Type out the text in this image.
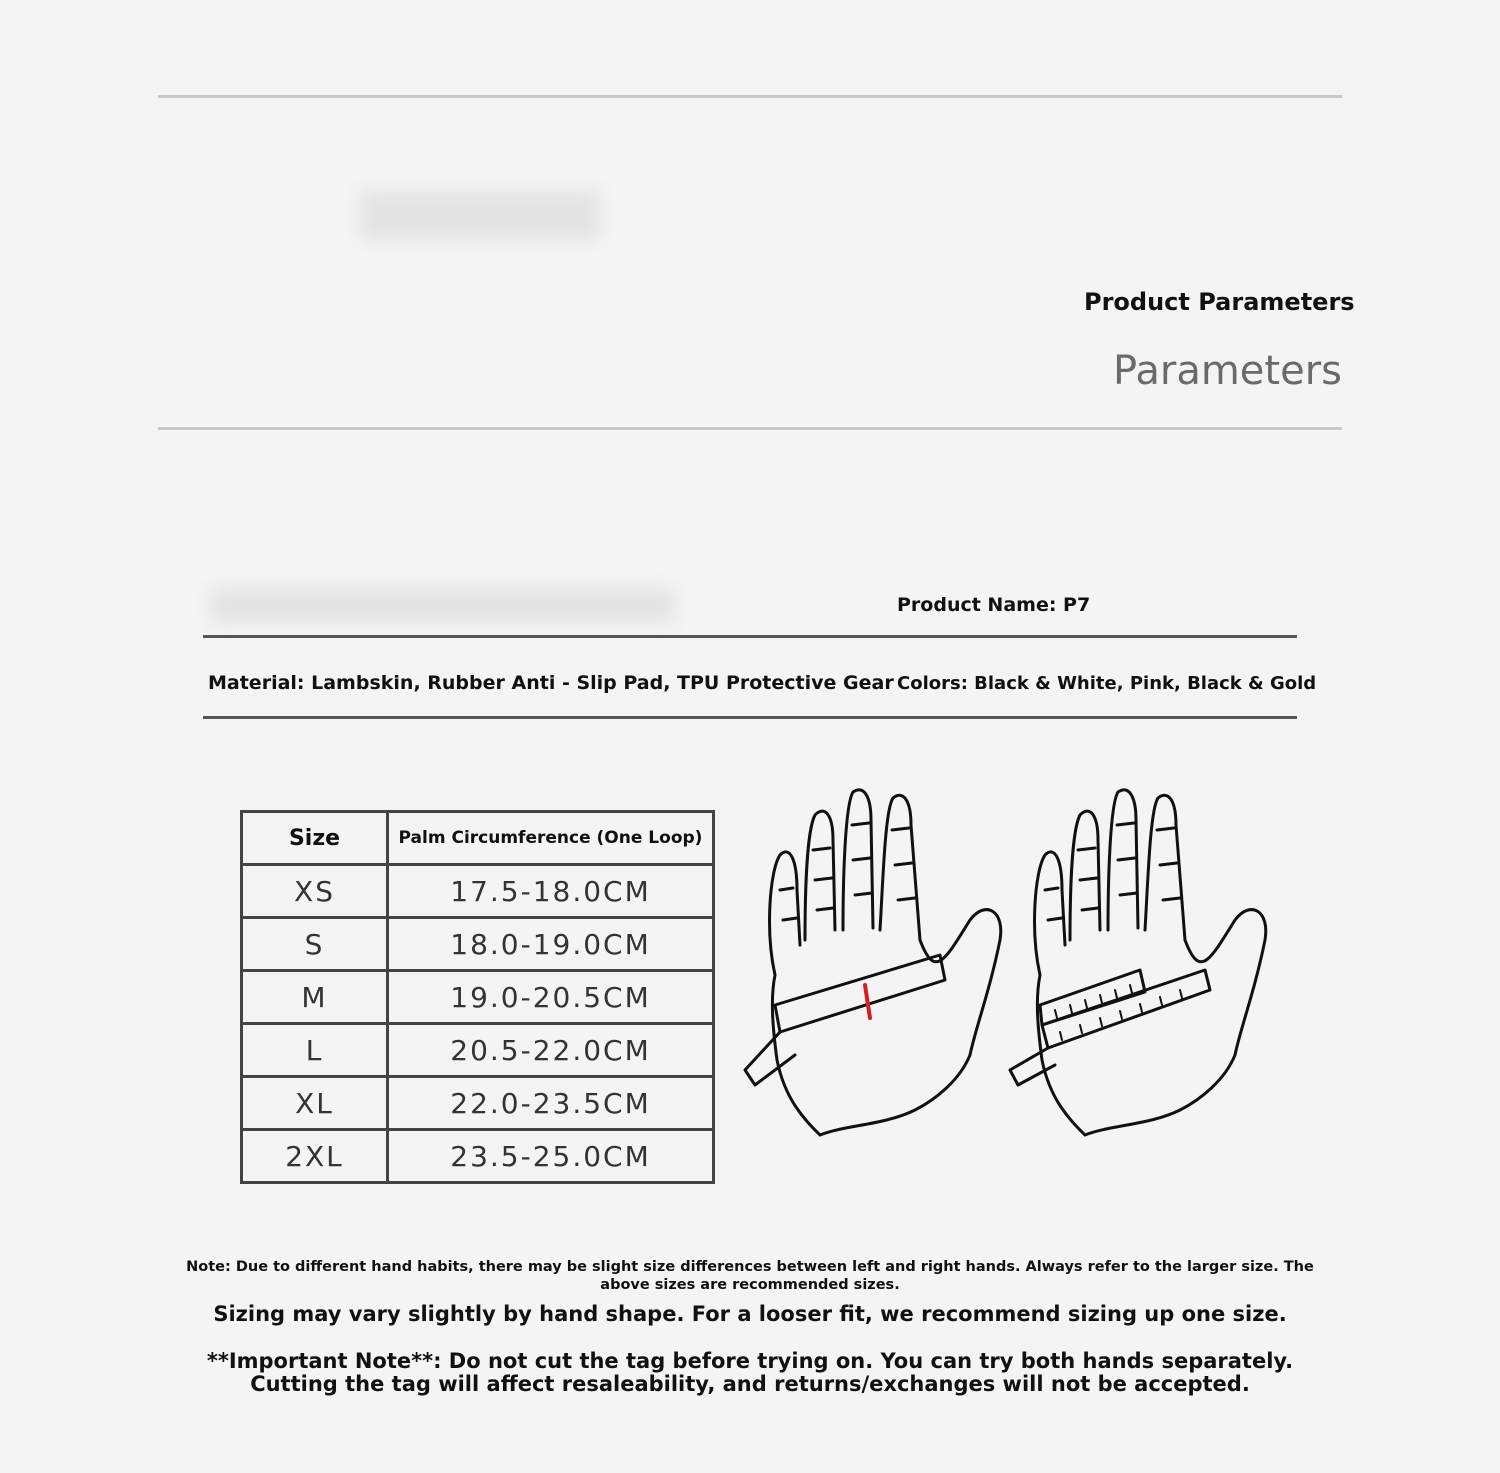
Product Parameters
Parameters
Product Name: P7
Material: Lambskin, Rubber Anti - Slip Pad, TPU Protective Gear Colors: Black & White, Pink, Black & Gold
Size	Palm Circumference (One Loop)
XS	17.5-18.0CM
S	18.0-19.0CM
M	19.0-20.5CM
L	20.5-22.0CM
XL	22.0-23.5CM
2XL	23.5-25.0CM
Note: Due to different hand habits, there may be slight size differences between left and right hands. Always refer to the larger size. The above sizes are recommended sizes.
Sizing may vary slightly by hand shape. For a looser fit, we recommend sizing up one size.
**Important Note**: Do not cut the tag before trying on. You can try both hands separately. Cutting the tag will affect resaleability, and returns/exchanges will not be accepted.
